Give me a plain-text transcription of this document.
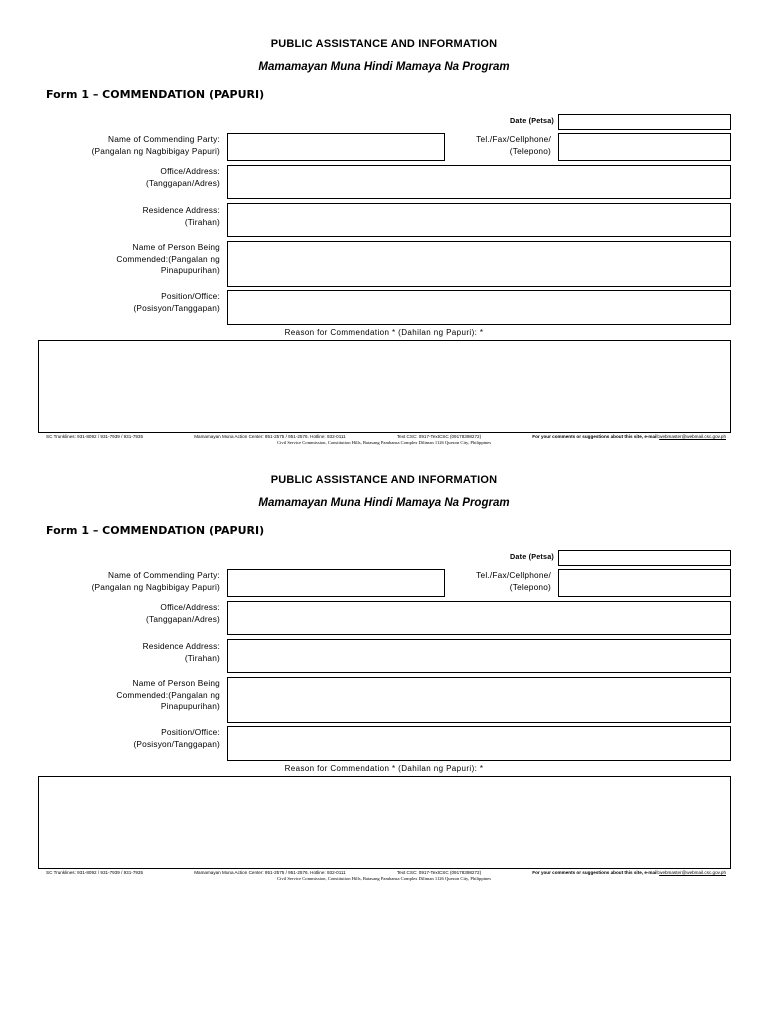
PUBLIC ASSISTANCE AND INFORMATION
Mamamayan Muna Hindi Mamaya Na Program
Form 1 – COMMENDATION (PAPURI)
Date (Petsa)
Name of Commending Party:
(Pangalan ng Nagbibigay Papuri)
Tel./Fax/Cellphone/
(Telepono)
Office/Address:
(Tanggapan/Adres)
Residence Address:
(Tirahan)
Name of Person Being
Commended:(Pangalan ng
Pinapupurihan)
Position/Office:
(Posisyon/Tanggapan)
Reason for Commendation * (Dahilan ng Papuri): *
SC Trunklines: 931-8092 / 931-7939 / 931-7935	Mamamayan Muna Action Center: 951-2575 / 951-2576. Hotline: 932-0111	Text CSC: 0917-TextCSC (09178398272)	For your comments or suggestions about this site, e-mail:webmaster@webmail.csc.gov.ph
Civil Service Commission, Constitution Hills, Batasang Pambansa Complex Diliman 1126 Quezon City, Philippines
PUBLIC ASSISTANCE AND INFORMATION
Mamamayan Muna Hindi Mamaya Na Program
Form 1 – COMMENDATION (PAPURI)
Date (Petsa)
Name of Commending Party:
(Pangalan ng Nagbibigay Papuri)
Tel./Fax/Cellphone/
(Telepono)
Office/Address:
(Tanggapan/Adres)
Residence Address:
(Tirahan)
Name of Person Being
Commended:(Pangalan ng
Pinapupurihan)
Position/Office:
(Posisyon/Tanggapan)
Reason for Commendation * (Dahilan ng Papuri): *
SC Trunklines: 931-8092 / 931-7939 / 931-7935	Mamamayan Muna Action Center: 951-2575 / 951-2576. Hotline: 932-0111	Text CSC: 0917-TextCSC (09178398272)	For your comments or suggestions about this site, e-mail:webmaster@webmail.csc.gov.ph
Civil Service Commission, Constitution Hills, Batasang Pambansa Complex Diliman 1126 Quezon City, Philippines
